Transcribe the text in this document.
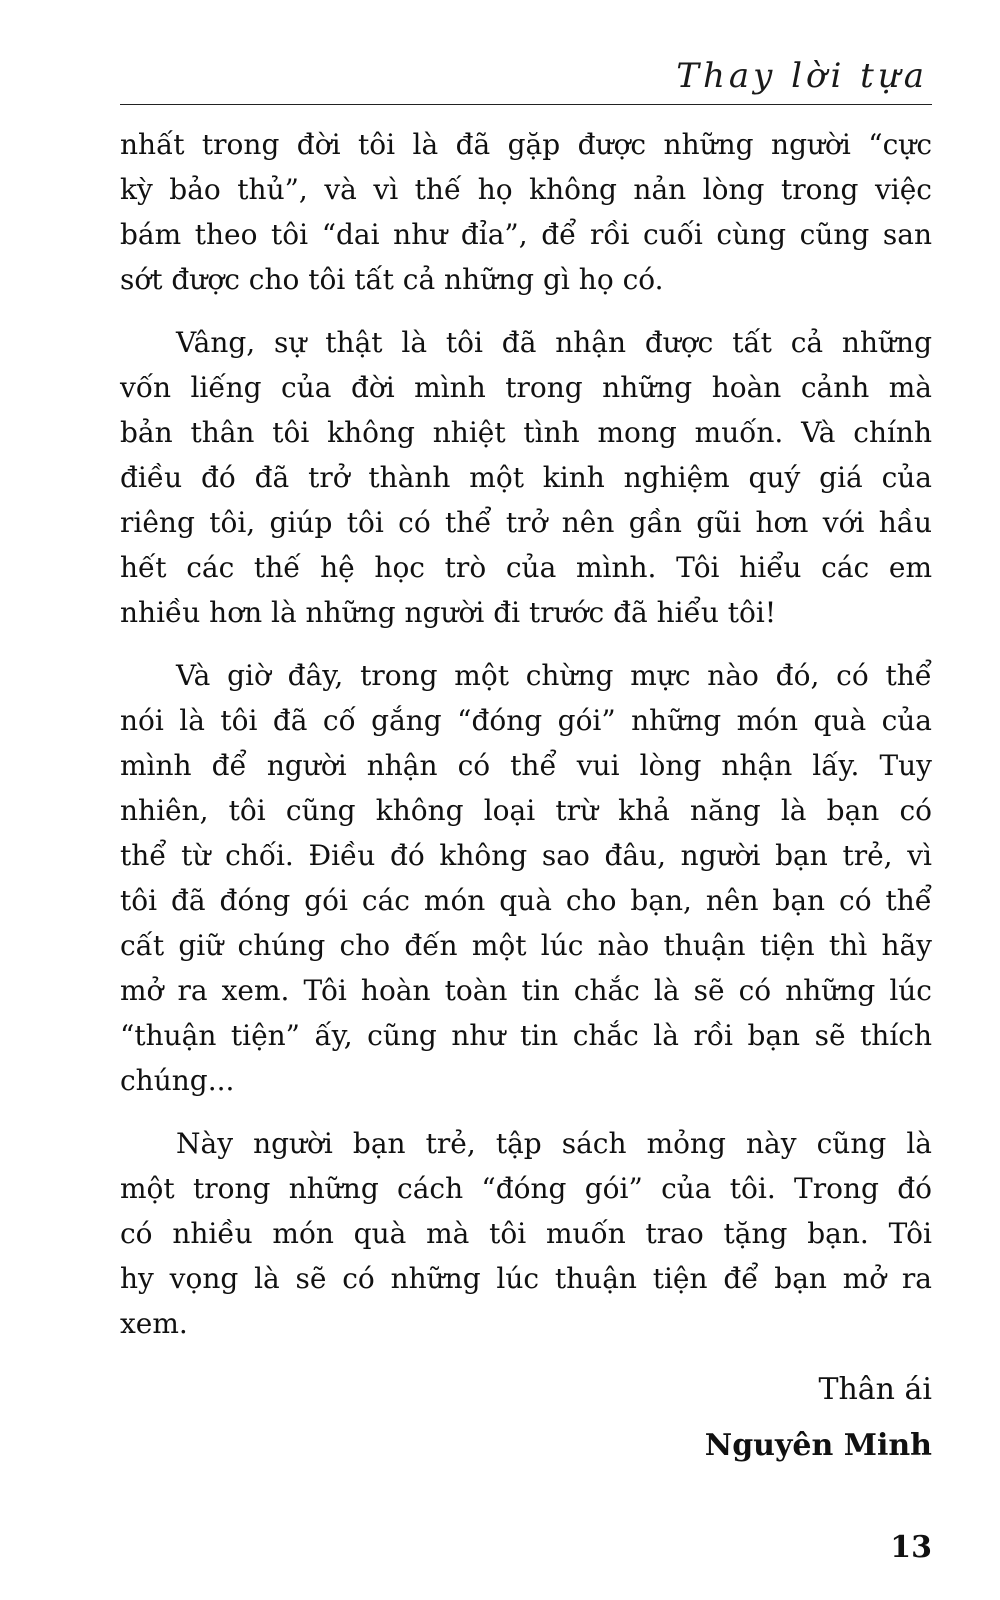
Thay lời tựa

nhất trong đời tôi là đã gặp được những người “cực
kỳ bảo thủ”, và vì thế họ không nản lòng trong việc
bám theo tôi “dai như đỉa”, để rồi cuối cùng cũng san
sớt được cho tôi tất cả những gì họ có.

Vâng, sự thật là tôi đã nhận được tất cả những
vốn liếng của đời mình trong những hoàn cảnh mà
bản thân tôi không nhiệt tình mong muốn. Và chính
điều đó đã trở thành một kinh nghiệm quý giá của
riêng tôi, giúp tôi có thể trở nên gần gũi hơn với hầu
hết các thế hệ học trò của mình. Tôi hiểu các em
nhiều hơn là những người đi trước đã hiểu tôi!

Và giờ đây, trong một chừng mực nào đó, có thể
nói là tôi đã cố gắng “đóng gói” những món quà của
mình để người nhận có thể vui lòng nhận lấy. Tuy
nhiên, tôi cũng không loại trừ khả năng là bạn có
thể từ chối. Điều đó không sao đâu, người bạn trẻ, vì
tôi đã đóng gói các món quà cho bạn, nên bạn có thể
cất giữ chúng cho đến một lúc nào thuận tiện thì hãy
mở ra xem. Tôi hoàn toàn tin chắc là sẽ có những lúc
“thuận tiện” ấy, cũng như tin chắc là rồi bạn sẽ thích
chúng...

Này người bạn trẻ, tập sách mỏng này cũng là
một trong những cách “đóng gói” của tôi. Trong đó
có nhiều món quà mà tôi muốn trao tặng bạn. Tôi
hy vọng là sẽ có những lúc thuận tiện để bạn mở ra
xem.

Thân ái
Nguyên Minh
13
